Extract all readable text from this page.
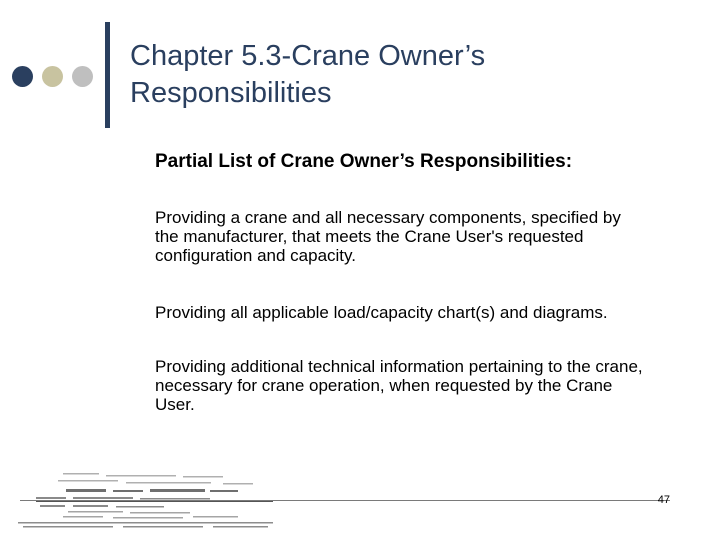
Chapter 5.3-Crane Owner’s Responsibilities

Partial List of Crane Owner’s Responsibilities:

Providing a crane and all necessary components, specified by the manufacturer, that meets the Crane User's requested configuration and capacity.

Providing all applicable load/capacity chart(s) and diagrams.

Providing additional technical information pertaining to the crane, necessary for crane operation, when requested by the Crane User.

47
